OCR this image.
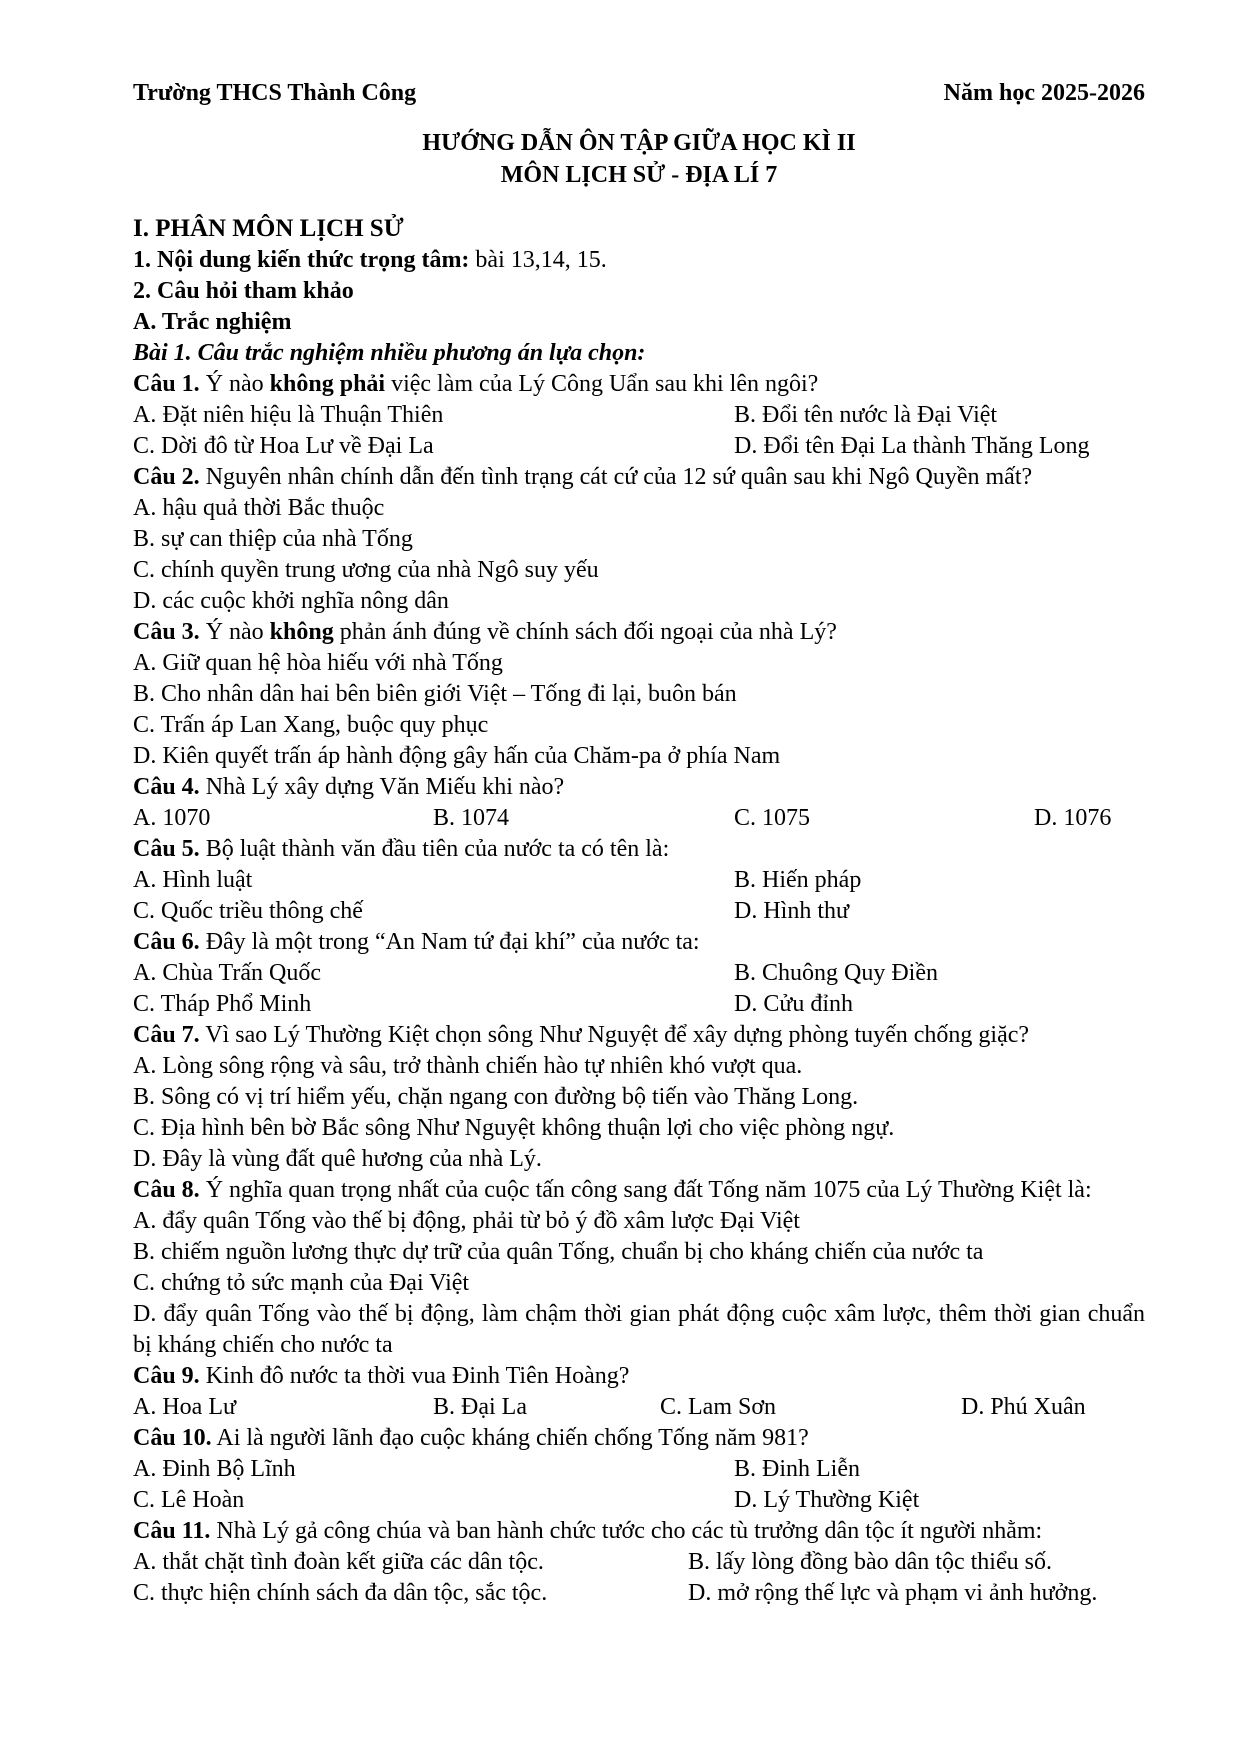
Trường THCS Thành Công	Năm học 2025-2026
HƯỚNG DẪN ÔN TẬP GIỮA HỌC KÌ II
MÔN LỊCH SỬ - ĐỊA LÍ 7
I. PHÂN MÔN LỊCH SỬ
1. Nội dung kiến thức trọng tâm: bài 13,14, 15.
2. Câu hỏi tham khảo
A. Trắc nghiệm
Bài 1. Câu trắc nghiệm nhiều phương án lựa chọn:
Câu 1. Ý nào không phải việc làm của Lý Công Uẩn sau khi lên ngôi?
A. Đặt niên hiệu là Thuận Thiên	B. Đổi tên nước là Đại Việt
C. Dời đô từ Hoa Lư về Đại La	D. Đổi tên Đại La thành Thăng Long
Câu 2. Nguyên nhân chính dẫn đến tình trạng cát cứ của 12 sứ quân sau khi Ngô Quyền mất?
A. hậu quả thời Bắc thuộc
B. sự can thiệp của nhà Tống
C. chính quyền trung ương của nhà Ngô suy yếu
D. các cuộc khởi nghĩa nông dân
Câu 3. Ý nào không phản ánh đúng về chính sách đối ngoại của nhà Lý?
A. Giữ quan hệ hòa hiếu với nhà Tống
B. Cho nhân dân hai bên biên giới Việt – Tống đi lại, buôn bán
C. Trấn áp Lan Xang, buộc quy phục
D. Kiên quyết trấn áp hành động gây hấn của Chăm-pa ở phía Nam
Câu 4. Nhà Lý xây dựng Văn Miếu khi nào?
A. 1070	B. 1074	C. 1075	D. 1076
Câu 5. Bộ luật thành văn đầu tiên của nước ta có tên là:
A. Hình luật	B. Hiến pháp
C. Quốc triều thông chế	D. Hình thư
Câu 6. Đây là một trong “An Nam tứ đại khí” của nước ta:
A. Chùa Trấn Quốc	B. Chuông Quy Điền
C. Tháp Phổ Minh	D. Cửu đỉnh
Câu 7. Vì sao Lý Thường Kiệt chọn sông Như Nguyệt để xây dựng phòng tuyến chống giặc?
A. Lòng sông rộng và sâu, trở thành chiến hào tự nhiên khó vượt qua.
B. Sông có vị trí hiểm yếu, chặn ngang con đường bộ tiến vào Thăng Long.
C. Địa hình bên bờ Bắc sông Như Nguyệt không thuận lợi cho việc phòng ngự.
D. Đây là vùng đất quê hương của nhà Lý.
Câu 8. Ý nghĩa quan trọng nhất của cuộc tấn công sang đất Tống năm 1075 của Lý Thường Kiệt là:
A. đẩy quân Tống vào thế bị động, phải từ bỏ ý đồ xâm lược Đại Việt
B. chiếm nguồn lương thực dự trữ của quân Tống, chuẩn bị cho kháng chiến của nước ta
C. chứng tỏ sức mạnh của Đại Việt
D. đẩy quân Tống vào thế bị động, làm chậm thời gian phát động cuộc xâm lược, thêm thời gian chuẩn bị kháng chiến cho nước ta
Câu 9. Kinh đô nước ta thời vua Đinh Tiên Hoàng?
A. Hoa Lư	B. Đại La	C. Lam Sơn	D. Phú Xuân
Câu 10. Ai là người lãnh đạo cuộc kháng chiến chống Tống năm 981?
A. Đinh Bộ Lĩnh	B. Đinh Liễn
C. Lê Hoàn	D. Lý Thường Kiệt
Câu 11. Nhà Lý gả công chúa và ban hành chức tước cho các tù trưởng dân tộc ít người nhằm:
A. thắt chặt tình đoàn kết giữa các dân tộc.	B. lấy lòng đồng bào dân tộc thiểu số.
C. thực hiện chính sách đa dân tộc, sắc tộc.	D. mở rộng thế lực và phạm vi ảnh hưởng.
